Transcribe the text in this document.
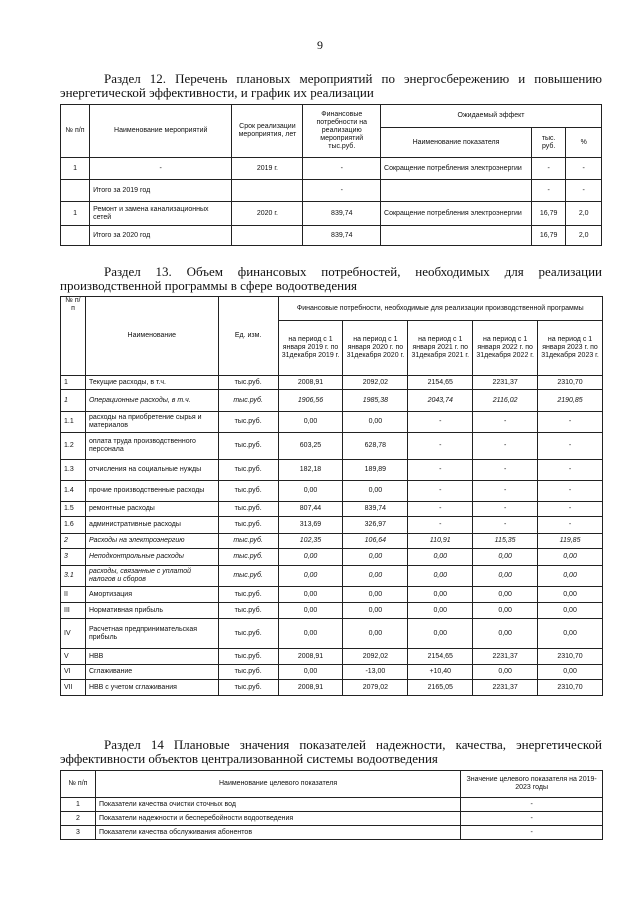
9
Раздел 12. Перечень плановых мероприятий по энергосбережению и повышению
энергетической эффективности, и график их реализации
№ п/п	Наименование мероприятий	Срок реализации мероприятия, лет	Финансовые потребности на реализацию мероприятий тыс.руб.	Ожидаемый эффект		
				Наименование показателя	тыс. руб.	%
1	-	2019 г.	-	Сокращение потребления электроэнергии	-	-
	Итого за 2019 год		-		-	-
1	Ремонт и замена канализационных сетей	2020 г.	839,74	Сокращение потребления электроэнергии	16,79	2,0
	Итого за 2020 год		839,74		16,79	2,0
Раздел 13. Объем финансовых потребностей, необходимых для реализации
производственной программы в сфере водоотведения
№ п/п	Наименование	Ед. изм.	Финансовые потребности, необходимые для реализации производственной программы				
			на период с 1 января 2019 г. по 31декабря 2019 г.	на период с 1 января 2020 г. по 31декабря 2020 г.	на период с 1 января 2021 г. по 31декабря 2021 г.	на период с 1 января 2022 г. по 31декабря 2022 г.	на период с 1 января 2023 г. по 31декабря 2023 г.
1	Текущие расходы, в т.ч.	тыс.руб.	2008,91	2092,02	2154,65	2231,37	2310,70
1	Операционные расходы, в т.ч.	тыс.руб.	1906,56	1985,38	2043,74	2116,02	2190,85
1.1	расходы на приобретение сырья и материалов	тыс.руб.	0,00	0,00	-	-	-
1.2	оплата труда производственного персонала	тыс.руб.	603,25	628,78	-	-	-
1.3	отчисления на социальные нужды	тыс.руб.	182,18	189,89	-	-	-
1.4	прочие производственные расходы	тыс.руб.	0,00	0,00	-	-	-
1.5	ремонтные расходы	тыс.руб.	807,44	839,74	-	-	-
1.6	административные расходы	тыс.руб.	313,69	326,97	-	-	-
2	Расходы на электроэнергию	тыс.руб.	102,35	106,64	110,91	115,35	119,85
3	Неподконтрольные расходы	тыс.руб.	0,00	0,00	0,00	0,00	0,00
3.1	расходы, связанные с уплатой налогов и сборов	тыс.руб.	0,00	0,00	0,00	0,00	0,00
II	Амортизация	тыс.руб.	0,00	0,00	0,00	0,00	0,00
III	Нормативная прибыль	тыс.руб.	0,00	0,00	0,00	0,00	0,00
IV	Расчетная предпринимательская прибыль	тыс.руб.	0,00	0,00	0,00	0,00	0,00
V	НВВ	тыс.руб.	2008,91	2092,02	2154,65	2231,37	2310,70
VI	Сглаживание	тыс.руб.	0,00	-13,00	+10,40	0,00	0,00
VII	НВВ с учетом сглаживания	тыс.руб.	2008,91	2079,02	2165,05	2231,37	2310,70
Раздел 14 Плановые значения показателей надежности, качества, энергетической
эффективности объектов централизованной системы водоотведения
№ п/п	Наименование целевого показателя	Значение целевого показателя на 2019-2023 годы
1	Показатели качества очистки сточных вод	-
2	Показатели надежности и бесперебойности водоотведения	-
3	Показатели качества обслуживания абонентов	-
